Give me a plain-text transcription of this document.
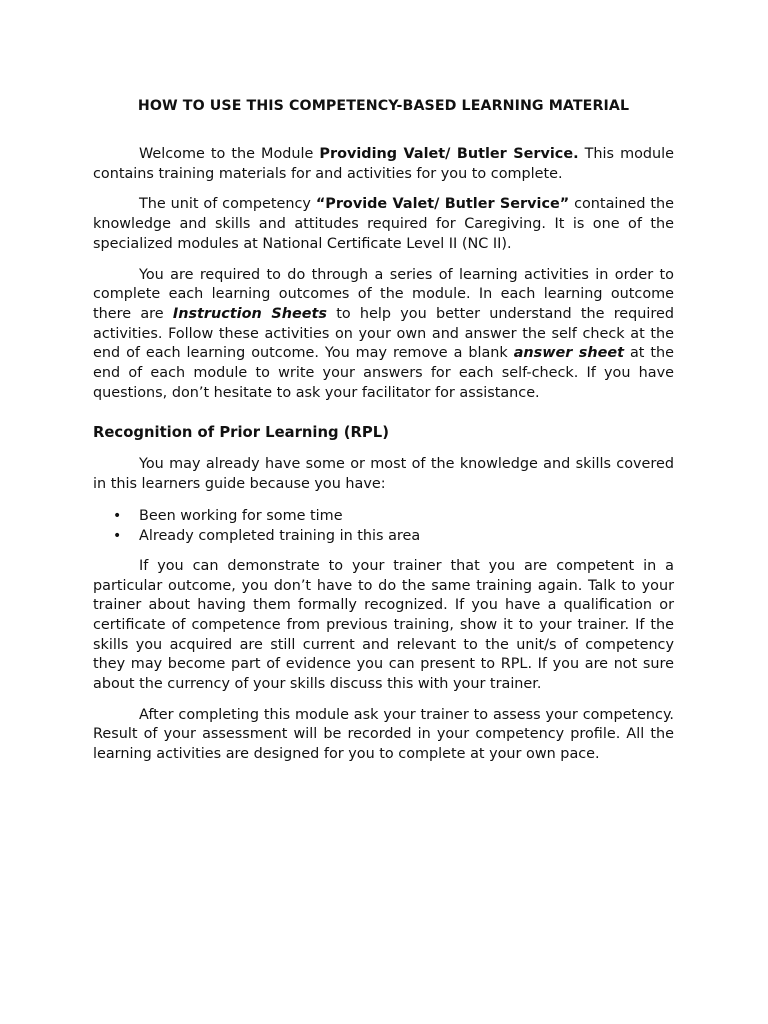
HOW TO USE THIS COMPETENCY-BASED LEARNING MATERIAL

Welcome to the Module Providing Valet/ Butler Service. This module contains training materials for and activities for you to complete.

The unit of competency “Provide Valet/ Butler Service” contained the knowledge and skills and attitudes required for Caregiving. It is one of the specialized modules at National Certificate Level II (NC II).

You are required to do through a series of learning activities in order to complete each learning outcomes of the module. In each learning outcome there are Instruction Sheets to help you better understand the required activities. Follow these activities on your own and answer the self check at the end of each learning outcome. You may remove a blank answer sheet at the end of each module to write your answers for each self-check. If you have questions, don’t hesitate to ask your facilitator for assistance.

Recognition of Prior Learning (RPL)

You may already have some or most of the knowledge and skills covered in this learners guide because you have:

• Been working for some time
• Already completed training in this area

If you can demonstrate to your trainer that you are competent in a particular outcome, you don’t have to do the same training again. Talk to your trainer about having them formally recognized. If you have a qualification or certificate of competence from previous training, show it to your trainer. If the skills you acquired are still current and relevant to the unit/s of competency they may become part of evidence you can present to RPL. If you are not sure about the currency of your skills discuss this with your trainer.

After completing this module ask your trainer to assess your competency. Result of your assessment will be recorded in your competency profile. All the learning activities are designed for you to complete at your own pace.
